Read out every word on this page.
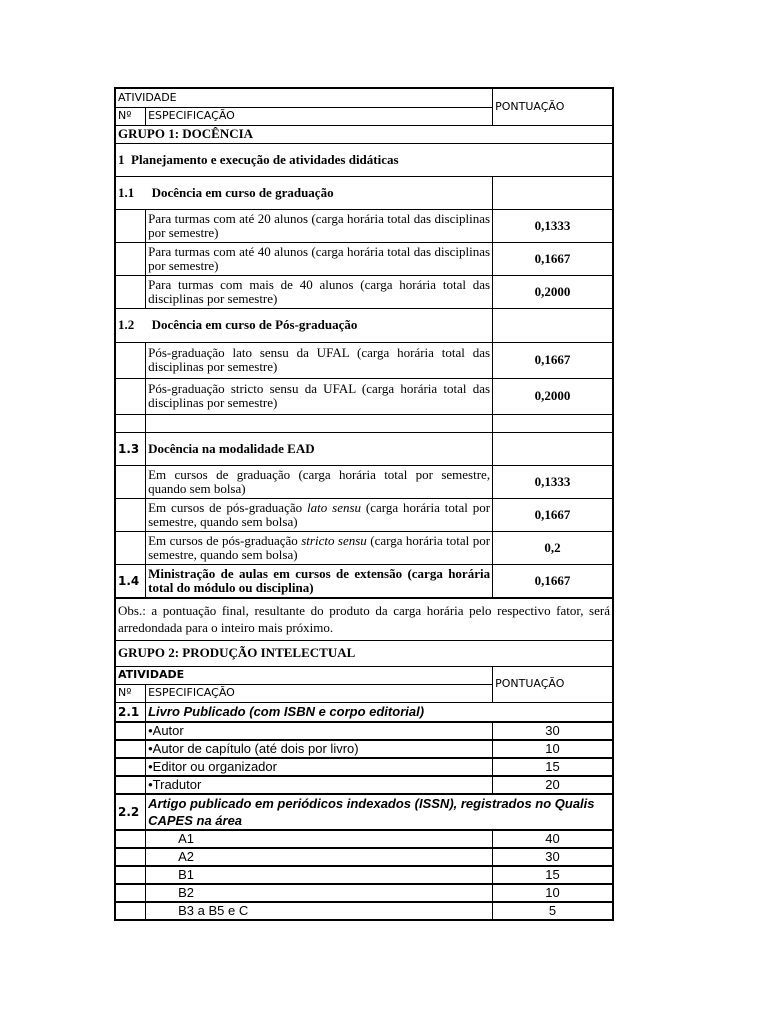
ATIVIDADE		PONTUAÇÃO
Nº	ESPECIFICAÇÃO	
GRUPO 1: DOCÊNCIA		
1 Planejamento e execução de atividades didáticas		
1.1	Docência em curso de graduação	
	Para turmas com até 20 alunos (carga horária total das disciplinas por semestre)	0,1333
	Para turmas com até 40 alunos (carga horária total das disciplinas por semestre)	0,1667
	Para turmas com mais de 40 alunos (carga horária total das disciplinas por semestre)	0,2000
1.2	Docência em curso de Pós-graduação	
	Pós-graduação lato sensu da UFAL (carga horária total das disciplinas por semestre)	0,1667
	Pós-graduação stricto sensu da UFAL (carga horária total das disciplinas por semestre)	0,2000

1.3	Docência na modalidade EAD	
	Em cursos de graduação (carga horária total por semestre, quando sem bolsa)	0,1333
	Em cursos de pós-graduação lato sensu (carga horária total por semestre, quando sem bolsa)	0,1667
	Em cursos de pós-graduação stricto sensu (carga horária total por semestre, quando sem bolsa)	0,2
1.4	Ministração de aulas em cursos de extensão (carga horária total do módulo ou disciplina)	0,1667
Obs.: a pontuação final, resultante do produto da carga horária pelo respectivo fator, será arredondada para o inteiro mais próximo.		
GRUPO 2: PRODUÇÃO INTELECTUAL		
ATIVIDADE		PONTUAÇÃO
Nº	ESPECIFICAÇÃO	
2.1	Livro Publicado (com ISBN e corpo editorial)	
	•Autor	30
	•Autor de capítulo (até dois por livro)	10
	•Editor ou organizador	15
	•Tradutor	20
2.2	Artigo publicado em periódicos indexados (ISSN), registrados no Qualis CAPES na área	
	A1	40
	A2	30
	B1	15
	B2	10
	B3 a B5 e C	5
